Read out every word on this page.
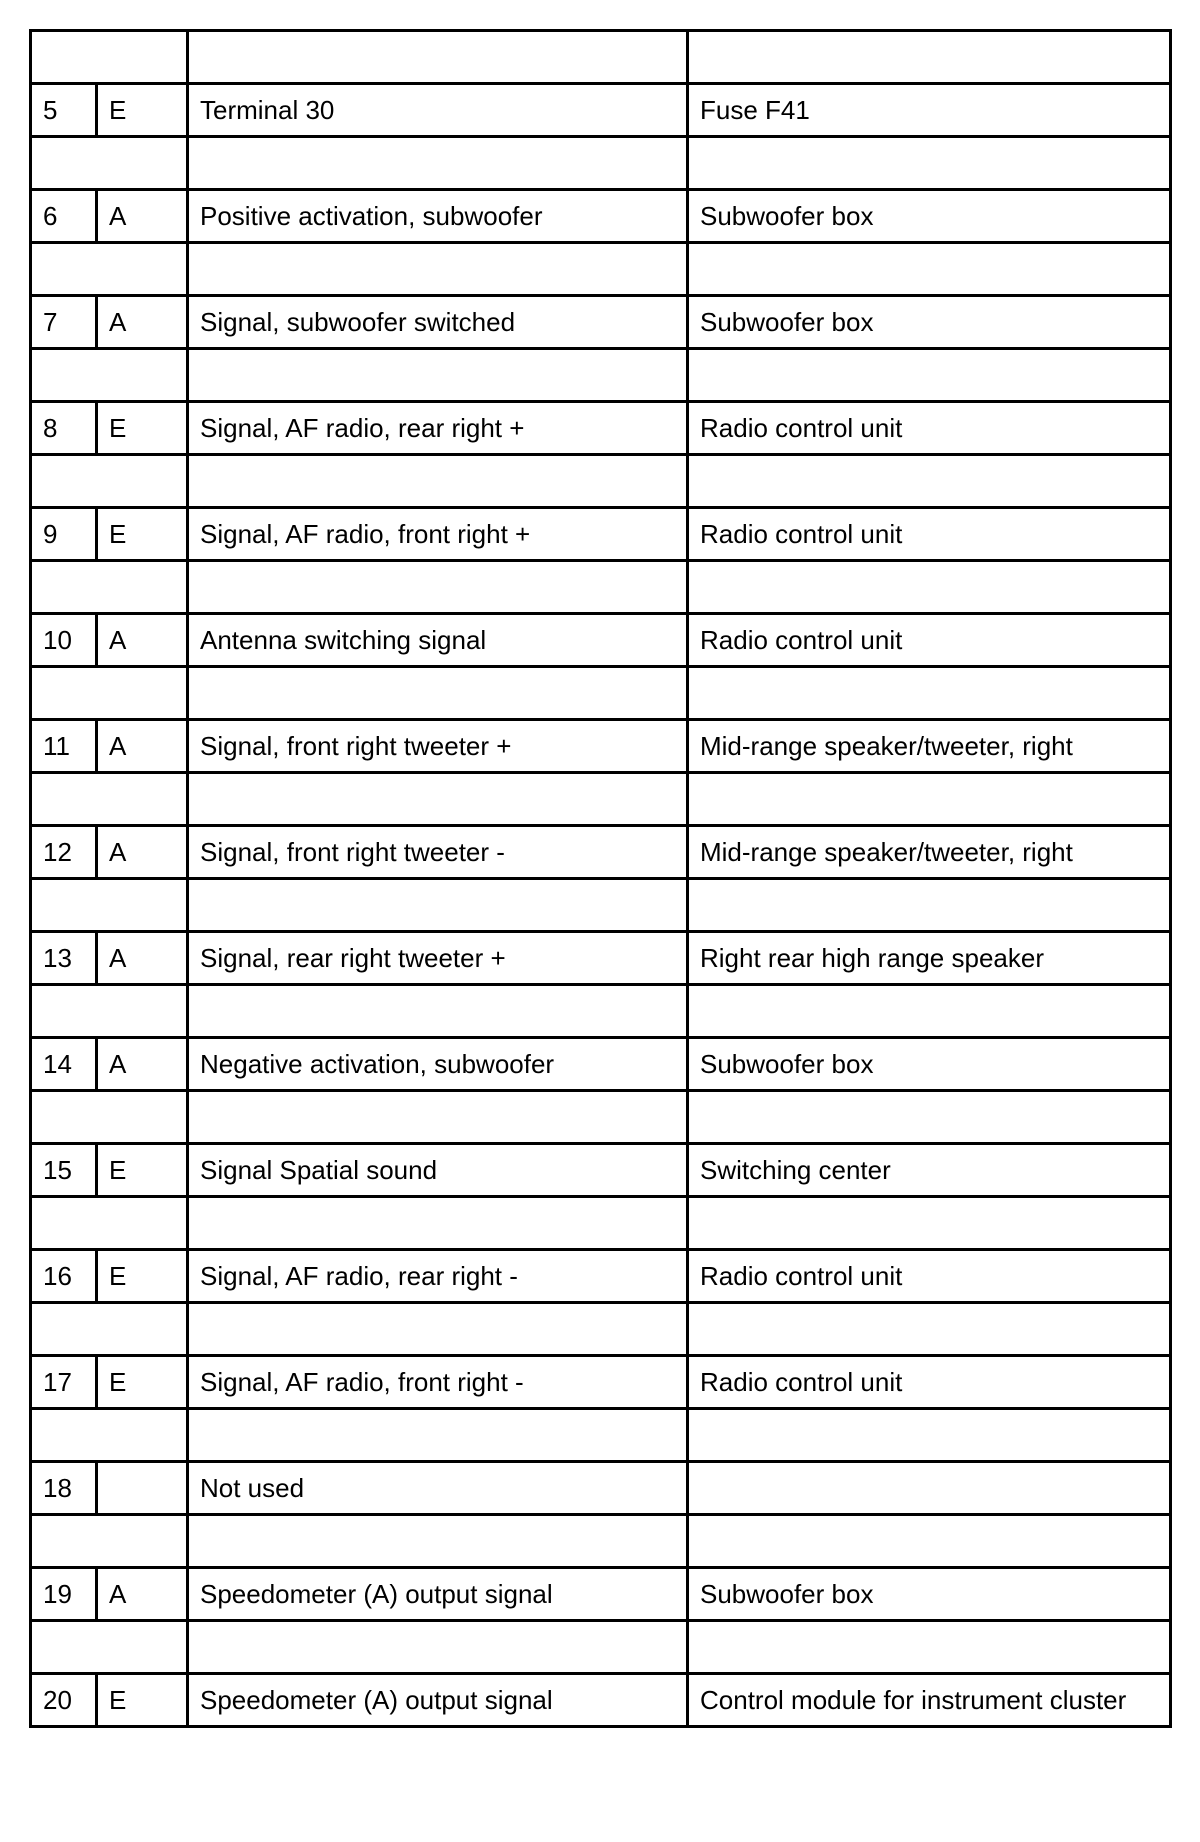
5	E	Terminal 30	Fuse F41

6	A	Positive activation, subwoofer	Subwoofer box

7	A	Signal, subwoofer switched	Subwoofer box

8	E	Signal, AF radio, rear right +	Radio control unit

9	E	Signal, AF radio, front right +	Radio control unit

10	A	Antenna switching signal	Radio control unit

11	A	Signal, front right tweeter +	Mid-range speaker/tweeter, right

12	A	Signal, front right tweeter -	Mid-range speaker/tweeter, right

13	A	Signal, rear right tweeter +	Right rear high range speaker

14	A	Negative activation, subwoofer	Subwoofer box

15	E	Signal Spatial sound	Switching center

16	E	Signal, AF radio, rear right -	Radio control unit

17	E	Signal, AF radio, front right -	Radio control unit

18		Not used	

19	A	Speedometer (A) output signal	Subwoofer box

20	E	Speedometer (A) output signal	Control module for instrument cluster
